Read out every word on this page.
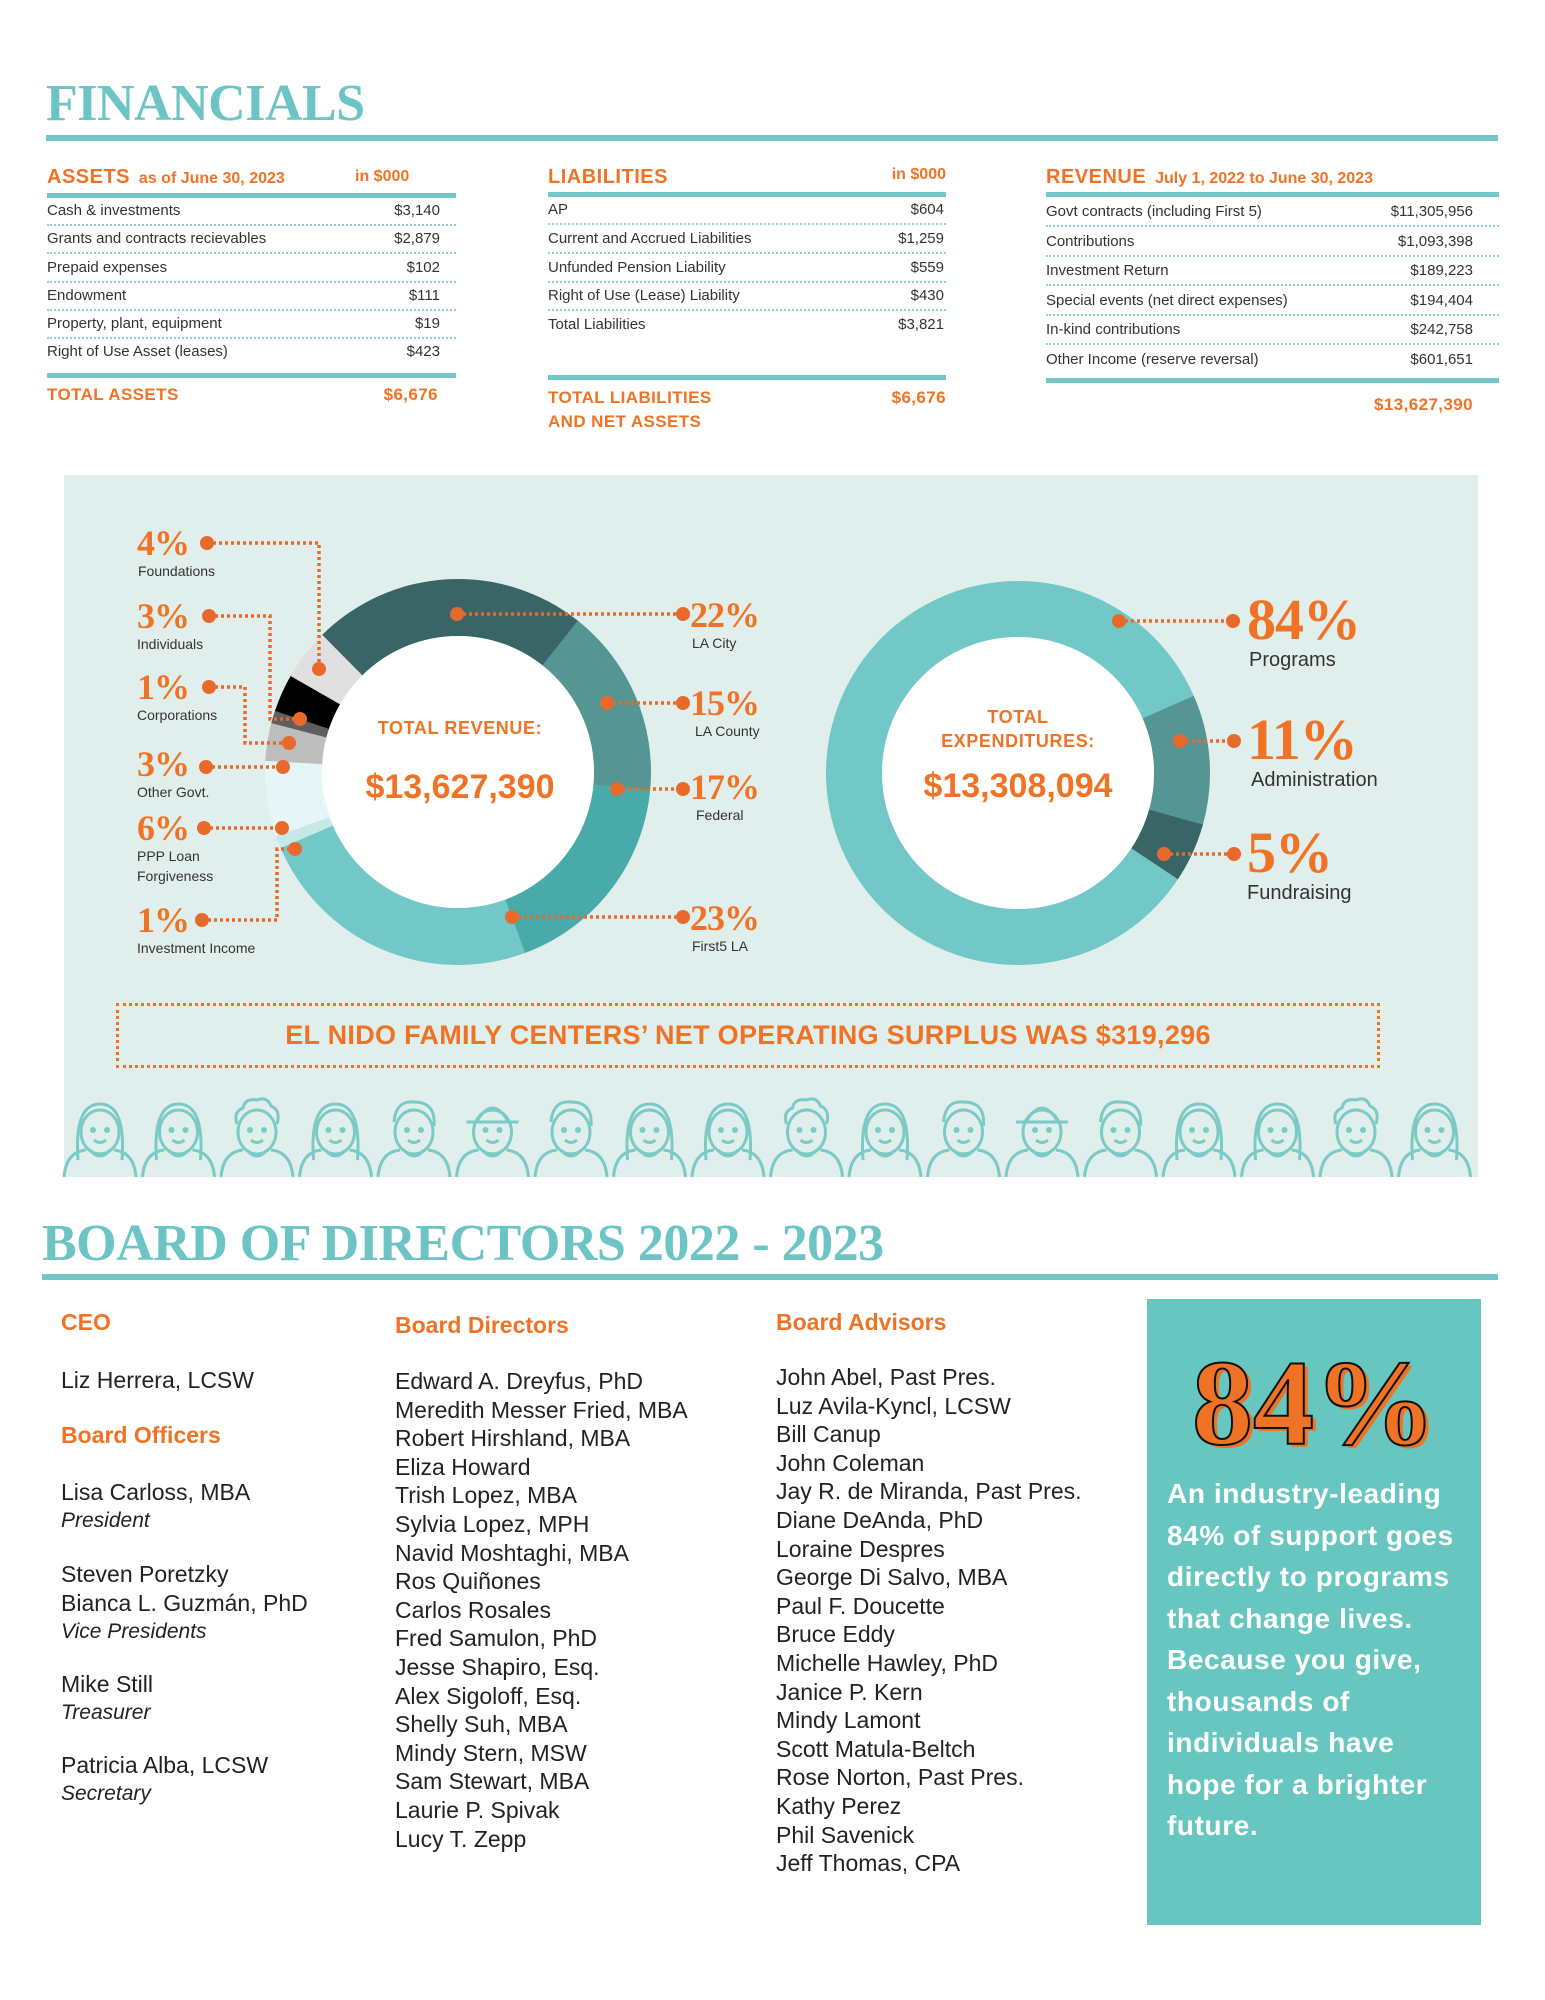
FINANCIALS
ASSETS as of June 30, 2023	in $000
Cash & investments	$3,140
Grants and contracts recievables	$2,879
Prepaid expenses	$102
Endowment	$111
Property, plant, equipment	$19
Right of Use Asset (leases)	$423
TOTAL ASSETS	$6,676
LIABILITIES	in $000
AP	$604
Current and Accrued Liabilities	$1,259
Unfunded Pension Liability	$559
Right of Use (Lease) Liability	$430
Total Liabilities	$3,821
TOTAL LIABILITIES
AND NET ASSETS
$6,676
REVENUE July 1, 2022 to June 30, 2023
Govt contracts (including First 5)	$11,305,956
Contributions	$1,093,398
Investment Return	$189,223
Special events (net direct expenses)	$194,404
In-kind contributions	$242,758
Other Income (reserve reversal)	$601,651
$13,627,390
TOTAL REVENUE:
$13,627,390
TOTAL
EXPENDITURES:
$13,308,094
4%
Foundations
3%
Individuals
1%
Corporations
3%
Other Govt.
6%
PPP Loan
Forgiveness
1%
Investment Income
22%
LA City
15%
LA County
17%
Federal
23%
First5 LA
84%
Programs
11%
Administration
5%
Fundraising
EL NIDO FAMILY CENTERS’ NET OPERATING SURPLUS WAS $319,296
BOARD OF DIRECTORS 2022 - 2023
CEO
Liz Herrera, LCSW
Board Officers
Lisa Carloss, MBA
President
Steven Poretzky
Bianca L. Guzmán, PhD
Vice Presidents
Mike Still
Treasurer
Patricia Alba, LCSW
Secretary
Board Directors
Edward A. Dreyfus, PhD
Meredith Messer Fried, MBA
Robert Hirshland, MBA
Eliza Howard
Trish Lopez, MBA
Sylvia Lopez, MPH
Navid Moshtaghi, MBA
Ros Quiñones
Carlos Rosales
Fred Samulon, PhD
Jesse Shapiro, Esq.
Alex Sigoloff, Esq.
Shelly Suh, MBA
Mindy Stern, MSW
Sam Stewart, MBA
Laurie P. Spivak
Lucy T. Zepp
Board Advisors
John Abel, Past Pres.
Luz Avila-Kyncl, LCSW
Bill Canup
John Coleman
Jay R. de Miranda, Past Pres.
Diane DeAnda, PhD
Loraine Despres
George Di Salvo, MBA
Paul F. Doucette
Bruce Eddy
Michelle Hawley, PhD
Janice P. Kern
Mindy Lamont
Scott Matula-Beltch
Rose Norton, Past Pres.
Kathy Perez
Phil Savenick
Jeff Thomas, CPA
84%
An industry-leading 84% of support goes directly to programs that change lives. Because you give, thousands of individuals have hope for a brighter future.
